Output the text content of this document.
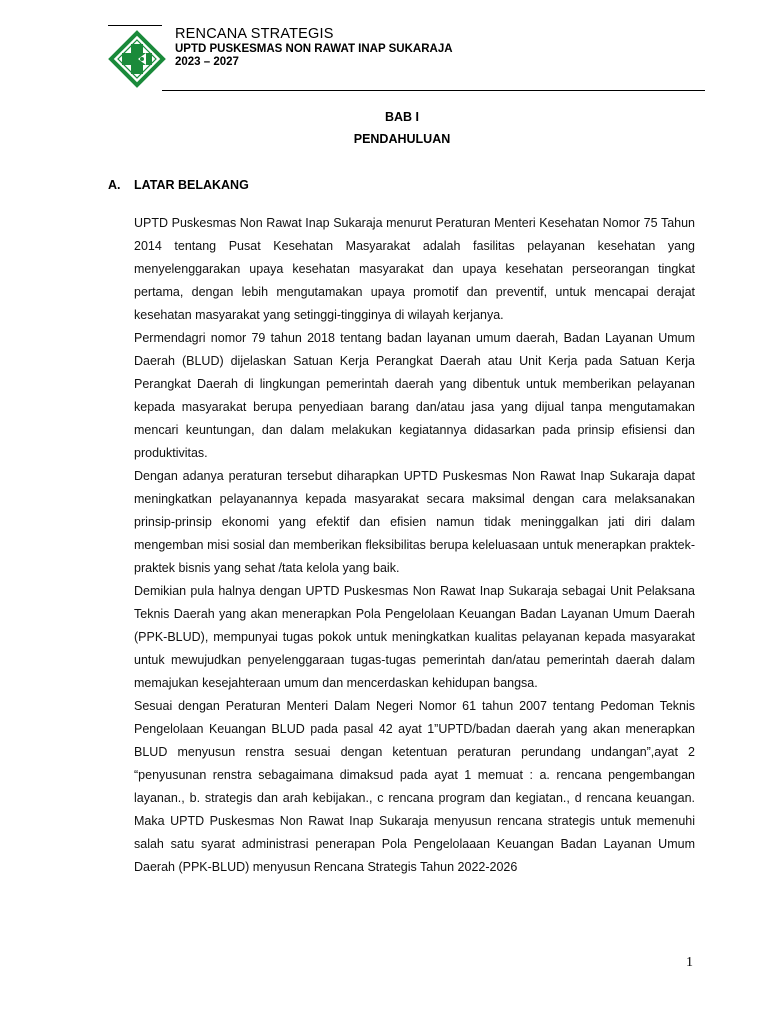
RENCANA STRATEGIS
UPTD PUSKESMAS NON RAWAT INAP SUKARAJA
2023 – 2027
BAB I
PENDAHULUAN
A. LATAR BELAKANG

UPTD Puskesmas Non Rawat Inap Sukaraja menurut Peraturan Menteri Kesehatan Nomor 75 Tahun 2014 tentang Pusat Kesehatan Masyarakat adalah fasilitas pelayanan kesehatan yang menyelenggarakan upaya kesehatan masyarakat dan upaya kesehatan perseorangan tingkat pertama, dengan lebih mengutamakan upaya promotif dan preventif, untuk mencapai derajat kesehatan masyarakat yang setinggi-tingginya di wilayah kerjanya.

Permendagri nomor 79 tahun 2018 tentang badan layanan umum daerah, Badan Layanan Umum Daerah (BLUD) dijelaskan Satuan Kerja Perangkat Daerah atau Unit Kerja pada Satuan Kerja Perangkat Daerah di lingkungan pemerintah daerah yang dibentuk untuk memberikan pelayanan kepada masyarakat berupa penyediaan barang dan/atau jasa yang dijual tanpa mengutamakan mencari keuntungan, dan dalam melakukan kegiatannya didasarkan pada prinsip efisiensi dan produktivitas.

Dengan adanya peraturan tersebut diharapkan UPTD Puskesmas Non Rawat Inap Sukaraja dapat meningkatkan pelayanannya kepada masyarakat secara maksimal dengan cara melaksanakan prinsip-prinsip ekonomi yang efektif dan efisien namun tidak meninggalkan jati diri dalam mengemban misi sosial dan memberikan fleksibilitas berupa keleluasaan untuk menerapkan praktek-praktek bisnis yang sehat /tata kelola yang baik.

Demikian pula halnya dengan UPTD Puskesmas Non Rawat Inap Sukaraja sebagai Unit Pelaksana Teknis Daerah yang akan menerapkan Pola Pengelolaan Keuangan Badan Layanan Umum Daerah (PPK-BLUD), mempunyai tugas pokok untuk meningkatkan kualitas pelayanan kepada masyarakat untuk mewujudkan penyelenggaraan tugas-tugas pemerintah dan/atau pemerintah daerah dalam memajukan kesejahteraan umum dan mencerdaskan kehidupan bangsa.

Sesuai dengan Peraturan Menteri Dalam Negeri Nomor 61 tahun 2007 tentang Pedoman Teknis Pengelolaan Keuangan BLUD pada pasal 42 ayat 1”UPTD/badan daerah yang akan menerapkan BLUD menyusun renstra sesuai dengan ketentuan peraturan perundang undangan”,ayat 2 “penyusunan renstra sebagaimana dimaksud pada ayat 1 memuat : a. rencana pengembangan layanan., b. strategis dan arah kebijakan., c rencana program dan kegiatan., d rencana keuangan. Maka UPTD Puskesmas Non Rawat Inap Sukaraja menyusun rencana strategis untuk memenuhi salah satu syarat administrasi penerapan Pola Pengelolaaan Keuangan Badan Layanan Umum Daerah (PPK-BLUD) menyusun Rencana Strategis Tahun 2022-2026

1
